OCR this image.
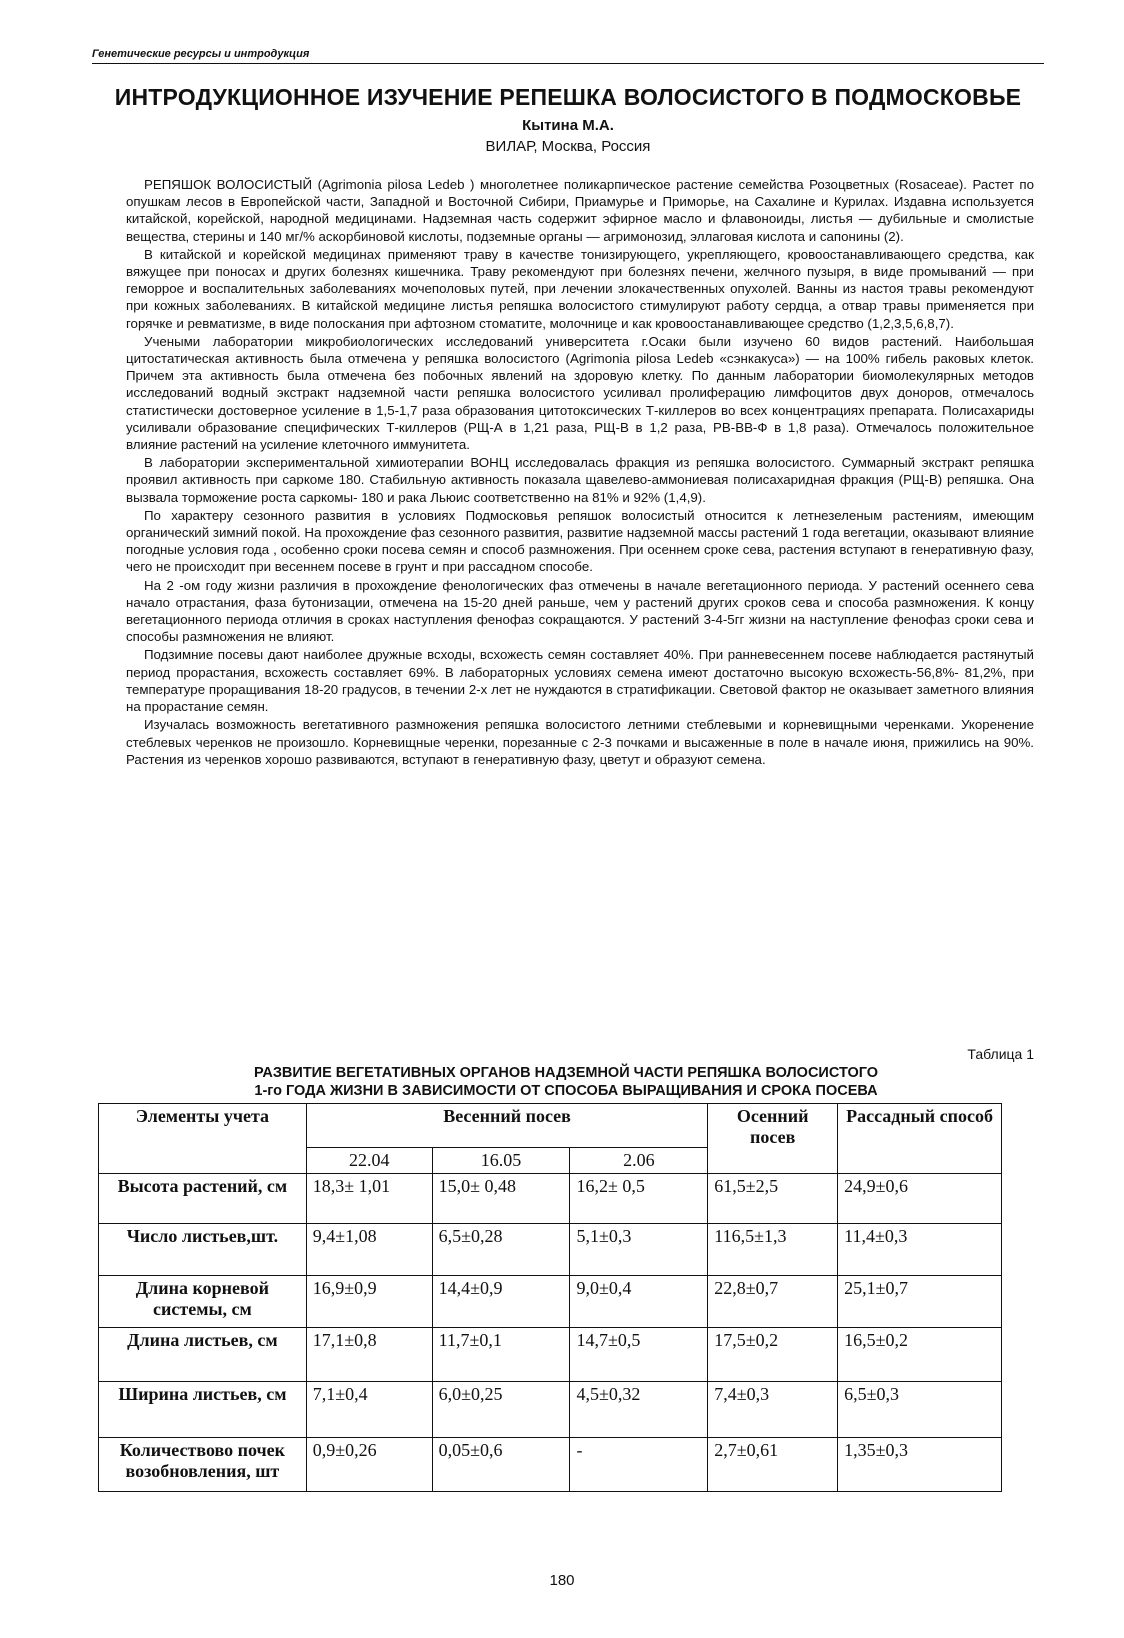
Генетические ресурсы и интродукция
ИНТРОДУКЦИОННОЕ ИЗУЧЕНИЕ РЕПЕШКА ВОЛОСИСТОГО В ПОДМОСКОВЬЕ
Кытина М.А.
ВИЛАР, Москва, Россия

РЕПЯШОК ВОЛОСИСТЫЙ (Agrimonia pilosa Ledeb ) многолетнее поликарпическое растение семейства Розоцветных (Rosaceae). Растет по опушкам лесов в Европейской части, Западной и Восточной Сибири, Приамурье и Приморье, на Сахалине и Курилах. Издавна используется китайской, корейской, народной медицинами. Надземная часть содержит эфирное масло и флавоноиды, листья — дубильные и смолистые вещества, стерины и 140 мг/% аскорбиновой кислоты, подземные органы — агримонозид, эллаговая кислота и сапонины (2).

В китайской и корейской медицинах применяют траву в качестве тонизирующего, укрепляющего, кровоостанавливающего средства, как вяжущее при поносах и других болезнях кишечника. Траву рекомендуют при болезнях печени, желчного пузыря, в виде промываний — при геморрое и воспалительных заболеваниях мочеполовых путей, при лечении злокачественных опухолей. Ванны из настоя травы рекомендуют при кожных заболеваниях. В китайской медицине листья репяшка волосистого стимулируют работу сердца, а отвар травы применяется при горячке и ревматизме, в виде полоскания при афтозном стоматите, молочнице и как кровоостанавливающее средство (1,2,3,5,6,8,7).

Учеными лаборатории микробиологических исследований университета г.Осаки были изучено 60 видов растений. Наибольшая цитостатическая активность была отмечена у репяшка волосистого (Agrimonia pilosa Ledeb «сэнкакуса») — на 100% гибель раковых клеток. Причем эта активность была отмечена без побочных явлений на здоровую клетку. По данным лаборатории биомолекулярных методов исследований водный экстракт надземной части репяшка волосистого усиливал пролиферацию лимфоцитов двух доноров, отмечалось статистически достоверное усиление в 1,5-1,7 раза образования цитотоксических Т-киллеров во всех концентрациях препарата. Полисахариды усиливали образование специфических Т-киллеров (РЩ-А в 1,21 раза, РЩ-В в 1,2 раза, РВ-ВВ-Ф в 1,8 раза). Отмечалось положительное влияние растений на усиление клеточного иммунитета.

В лаборатории экспериментальной химиотерапии ВОНЦ исследовалась фракция из репяшка волосистого. Суммарный экстракт репяшка проявил активность при саркоме 180. Стабильную активность показала щавелево-аммониевая полисахаридная фракция (РЩ-В) репяшка. Она вызвала торможение роста саркомы- 180 и рака Льюис соответственно на 81% и 92% (1,4,9).

По характеру сезонного развития в условиях Подмосковья репяшок волосистый относится к летнезеленым растениям, имеющим органический зимний покой. На прохождение фаз сезонного развития, развитие надземной массы растений 1 года вегетации, оказывают влияние погодные условия года , особенно сроки посева семян и способ размножения. При осеннем сроке сева, растения вступают в генеративную фазу, чего не происходит при весеннем посеве в грунт и при рассадном способе.

На 2 -ом году жизни различия в прохождение фенологических фаз отмечены в начале вегетационного периода. У растений осеннего сева начало отрастания, фаза бутонизации, отмечена на 15-20 дней раньше, чем у растений других сроков сева и способа размножения. К концу вегетационного периода отличия в сроках наступления фенофаз сокращаются. У растений 3-4-5гг жизни на наступление фенофаз сроки сева и способы размножения не влияют.

Подзимние посевы дают наиболее дружные всходы, всхожесть семян составляет 40%. При ранневесеннем посеве наблюдается растянутый период прорастания, всхожесть составляет 69%. В лабораторных условиях семена имеют достаточно высокую всхожесть-56,8%- 81,2%, при температуре проращивания 18-20 градусов, в течении 2-х лет не нуждаются в стратификации. Световой фактор не оказывает заметного влияния на прорастание семян.

Изучалась возможность вегетативного размножения репяшка волосистого летними стеблевыми и корневищными черенками. Укоренение стеблевых черенков не произошло. Корневищные черенки, порезанные с 2-3 почками и высаженные в поле в начале июня, прижились на 90%. Растения из черенков хорошо развиваются, вступают в генеративную фазу, цветут и образуют семена.

Таблица 1
РАЗВИТИЕ ВЕГЕТАТИВНЫХ ОРГАНОВ НАДЗЕМНОЙ ЧАСТИ РЕПЯШКА ВОЛОСИСТОГО
1-го ГОДА ЖИЗНИ В ЗАВИСИМОСТИ ОТ СПОСОБА ВЫРАЩИВАНИЯ И СРОКА ПОСЕВА
Элементы учета	Весенний посев			Осенний посев	Рассадный способ
	22.04	16.05	2.06		
Высота растений, см	18,3± 1,01	15,0± 0,48	16,2± 0,5	61,5±2,5	24,9±0,6
Число листьев,шт.	9,4±1,08	6,5±0,28	5,1±0,3	116,5±1,3	11,4±0,3
Длина корневой системы, см	16,9±0,9	14,4±0,9	9,0±0,4	22,8±0,7	25,1±0,7
Длина листьев, см	17,1±0,8	11,7±0,1	14,7±0,5	17,5±0,2	16,5±0,2
Ширина листьев, см	7,1±0,4	6,0±0,25	4,5±0,32	7,4±0,3	6,5±0,3
Количествово почек возобновления, шт	0,9±0,26	0,05±0,6	-	2,7±0,61	1,35±0,3
180
